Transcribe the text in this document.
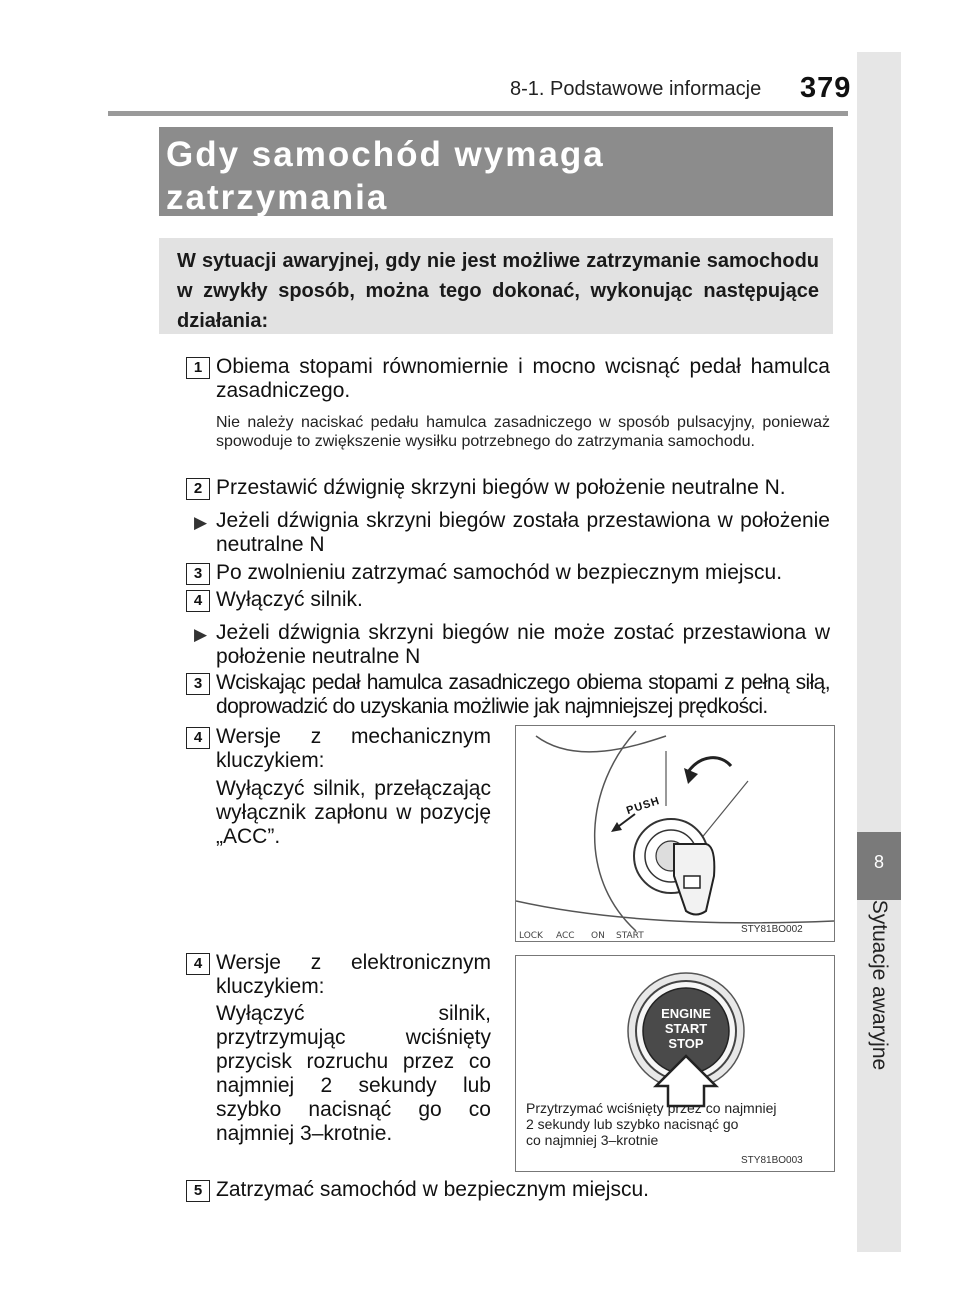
8-1. Podstawowe informacje 379
8
Sytuacje awaryjne
Gdy samochód wymaga zatrzymania
W sytuacji awaryjnej, gdy nie jest możliwe zatrzymanie samochodu w zwykły sposób, można tego dokonać, wykonując następujące działania:
1 Obiema stopami równomiernie i mocno wcisnąć pedał hamulca zasadniczego.
Nie należy naciskać pedału hamulca zasadniczego w sposób pulsacyjny, ponieważ spowoduje to zwiększenie wysiłku potrzebnego do zatrzymania samochodu.
2 Przestawić dźwignię skrzyni biegów w położenie neutralne N.
▶ Jeżeli dźwignia skrzyni biegów została przestawiona w położenie neutralne N
3 Po zwolnieniu zatrzymać samochód w bezpiecznym miejscu.
4 Wyłączyć silnik.
▶ Jeżeli dźwignia skrzyni biegów nie może zostać przestawiona w położenie neutralne N
3 Wciskając pedał hamulca zasadniczego obiema stopami z pełną siłą, doprowadzić do uzyskania możliwie jak najmniejszej prędkości.
4 Wersje z mechanicznym kluczykiem:
Wyłączyć silnik, przełączając wyłącznik zapłonu w pozycję „ACC”.
LOCK ACC ON START
PUSH
STY81BO002
4 Wersje z elektronicznym kluczykiem:
Wyłączyć silnik, przytrzymując wciśnięty przycisk rozruchu przez co najmniej 2 sekundy lub szybko nacisnąć go co najmniej 3–krotnie.
ENGINE
START
STOP
Przytrzymać wciśnięty przez co najmniej
2 sekundy lub szybko nacisnąć go
co najmniej 3–krotnie
STY81BO003
5 Zatrzymać samochód w bezpiecznym miejscu.
